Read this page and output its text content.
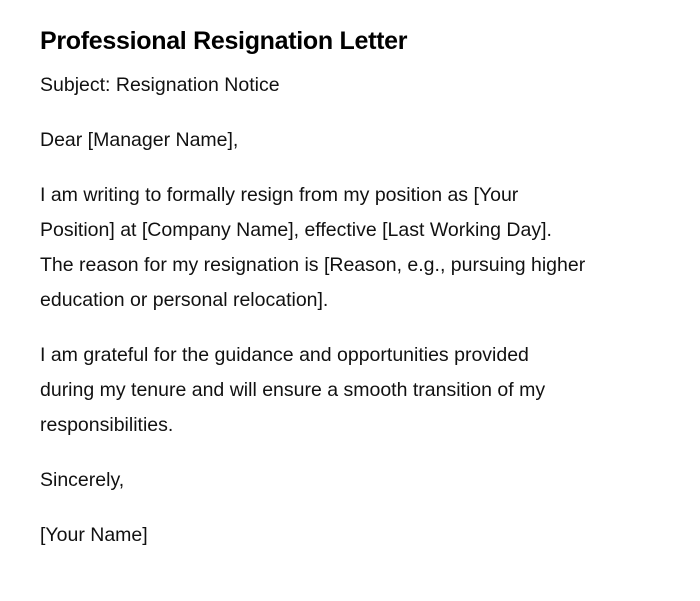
Professional Resignation Letter

Subject: Resignation Notice

Dear [Manager Name],

I am writing to formally resign from my position as [Your
Position] at [Company Name], effective [Last Working Day].
The reason for my resignation is [Reason, e.g., pursuing higher
education or personal relocation].

I am grateful for the guidance and opportunities provided
during my tenure and will ensure a smooth transition of my
responsibilities.

Sincerely,

[Your Name]
